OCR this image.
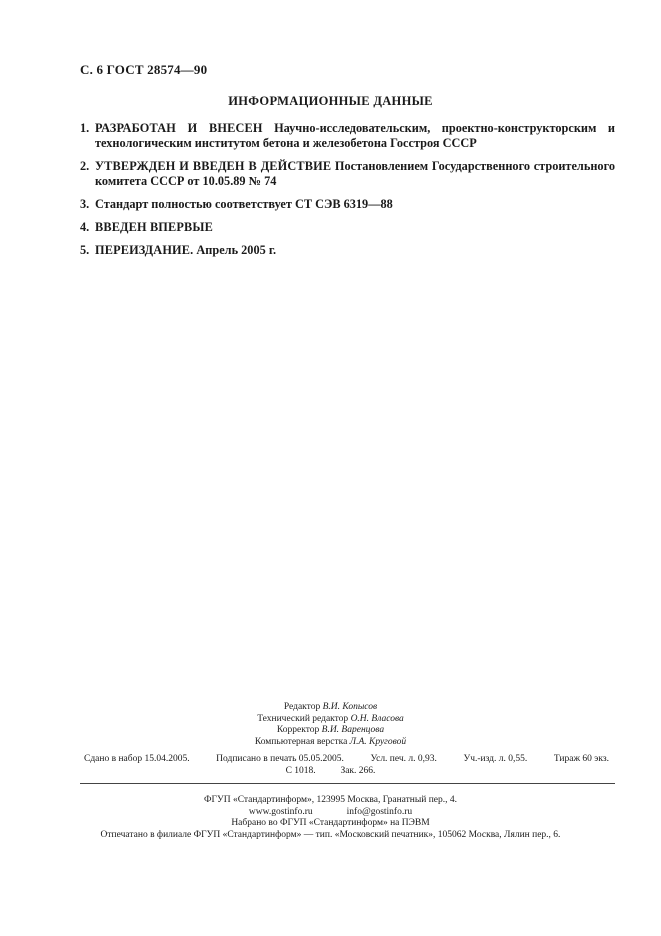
С. 6 ГОСТ 28574—90
ИНФОРМАЦИОННЫЕ ДАННЫЕ
1. РАЗРАБОТАН И ВНЕСЕН Научно-исследовательским, проектно-конструкторским и технологическим институтом бетона и железобетона Госстроя СССР
2. УТВЕРЖДЕН И ВВЕДЕН В ДЕЙСТВИЕ Постановлением Государственного строительного комитета СССР от 10.05.89 № 74
3. Стандарт полностью соответствует СТ СЭВ 6319—88
4. ВВЕДЕН ВПЕРВЫЕ
5. ПЕРЕИЗДАНИЕ. Апрель 2005 г.
Редактор В.И. Копысов
Технический редактор О.Н. Власова
Корректор В.И. Варенцова
Компьютерная верстка Л.А. Круговой
Сдано в набор 15.04.2005.	Подписано в печать 05.05.2005.	Усл. печ. л. 0,93.	Уч.-изд. л. 0,55.	Тираж 60 экз.
С 1018.	Зак. 266.
ФГУП «Стандартинформ», 123995 Москва, Гранатный пер., 4.
www.gostinfo.ru	info@gostinfo.ru
Набрано во ФГУП «Стандартинформ» на ПЭВМ
Отпечатано в филиале ФГУП «Стандартинформ» — тип. «Московский печатник», 105062 Москва, Лялин пер., 6.
